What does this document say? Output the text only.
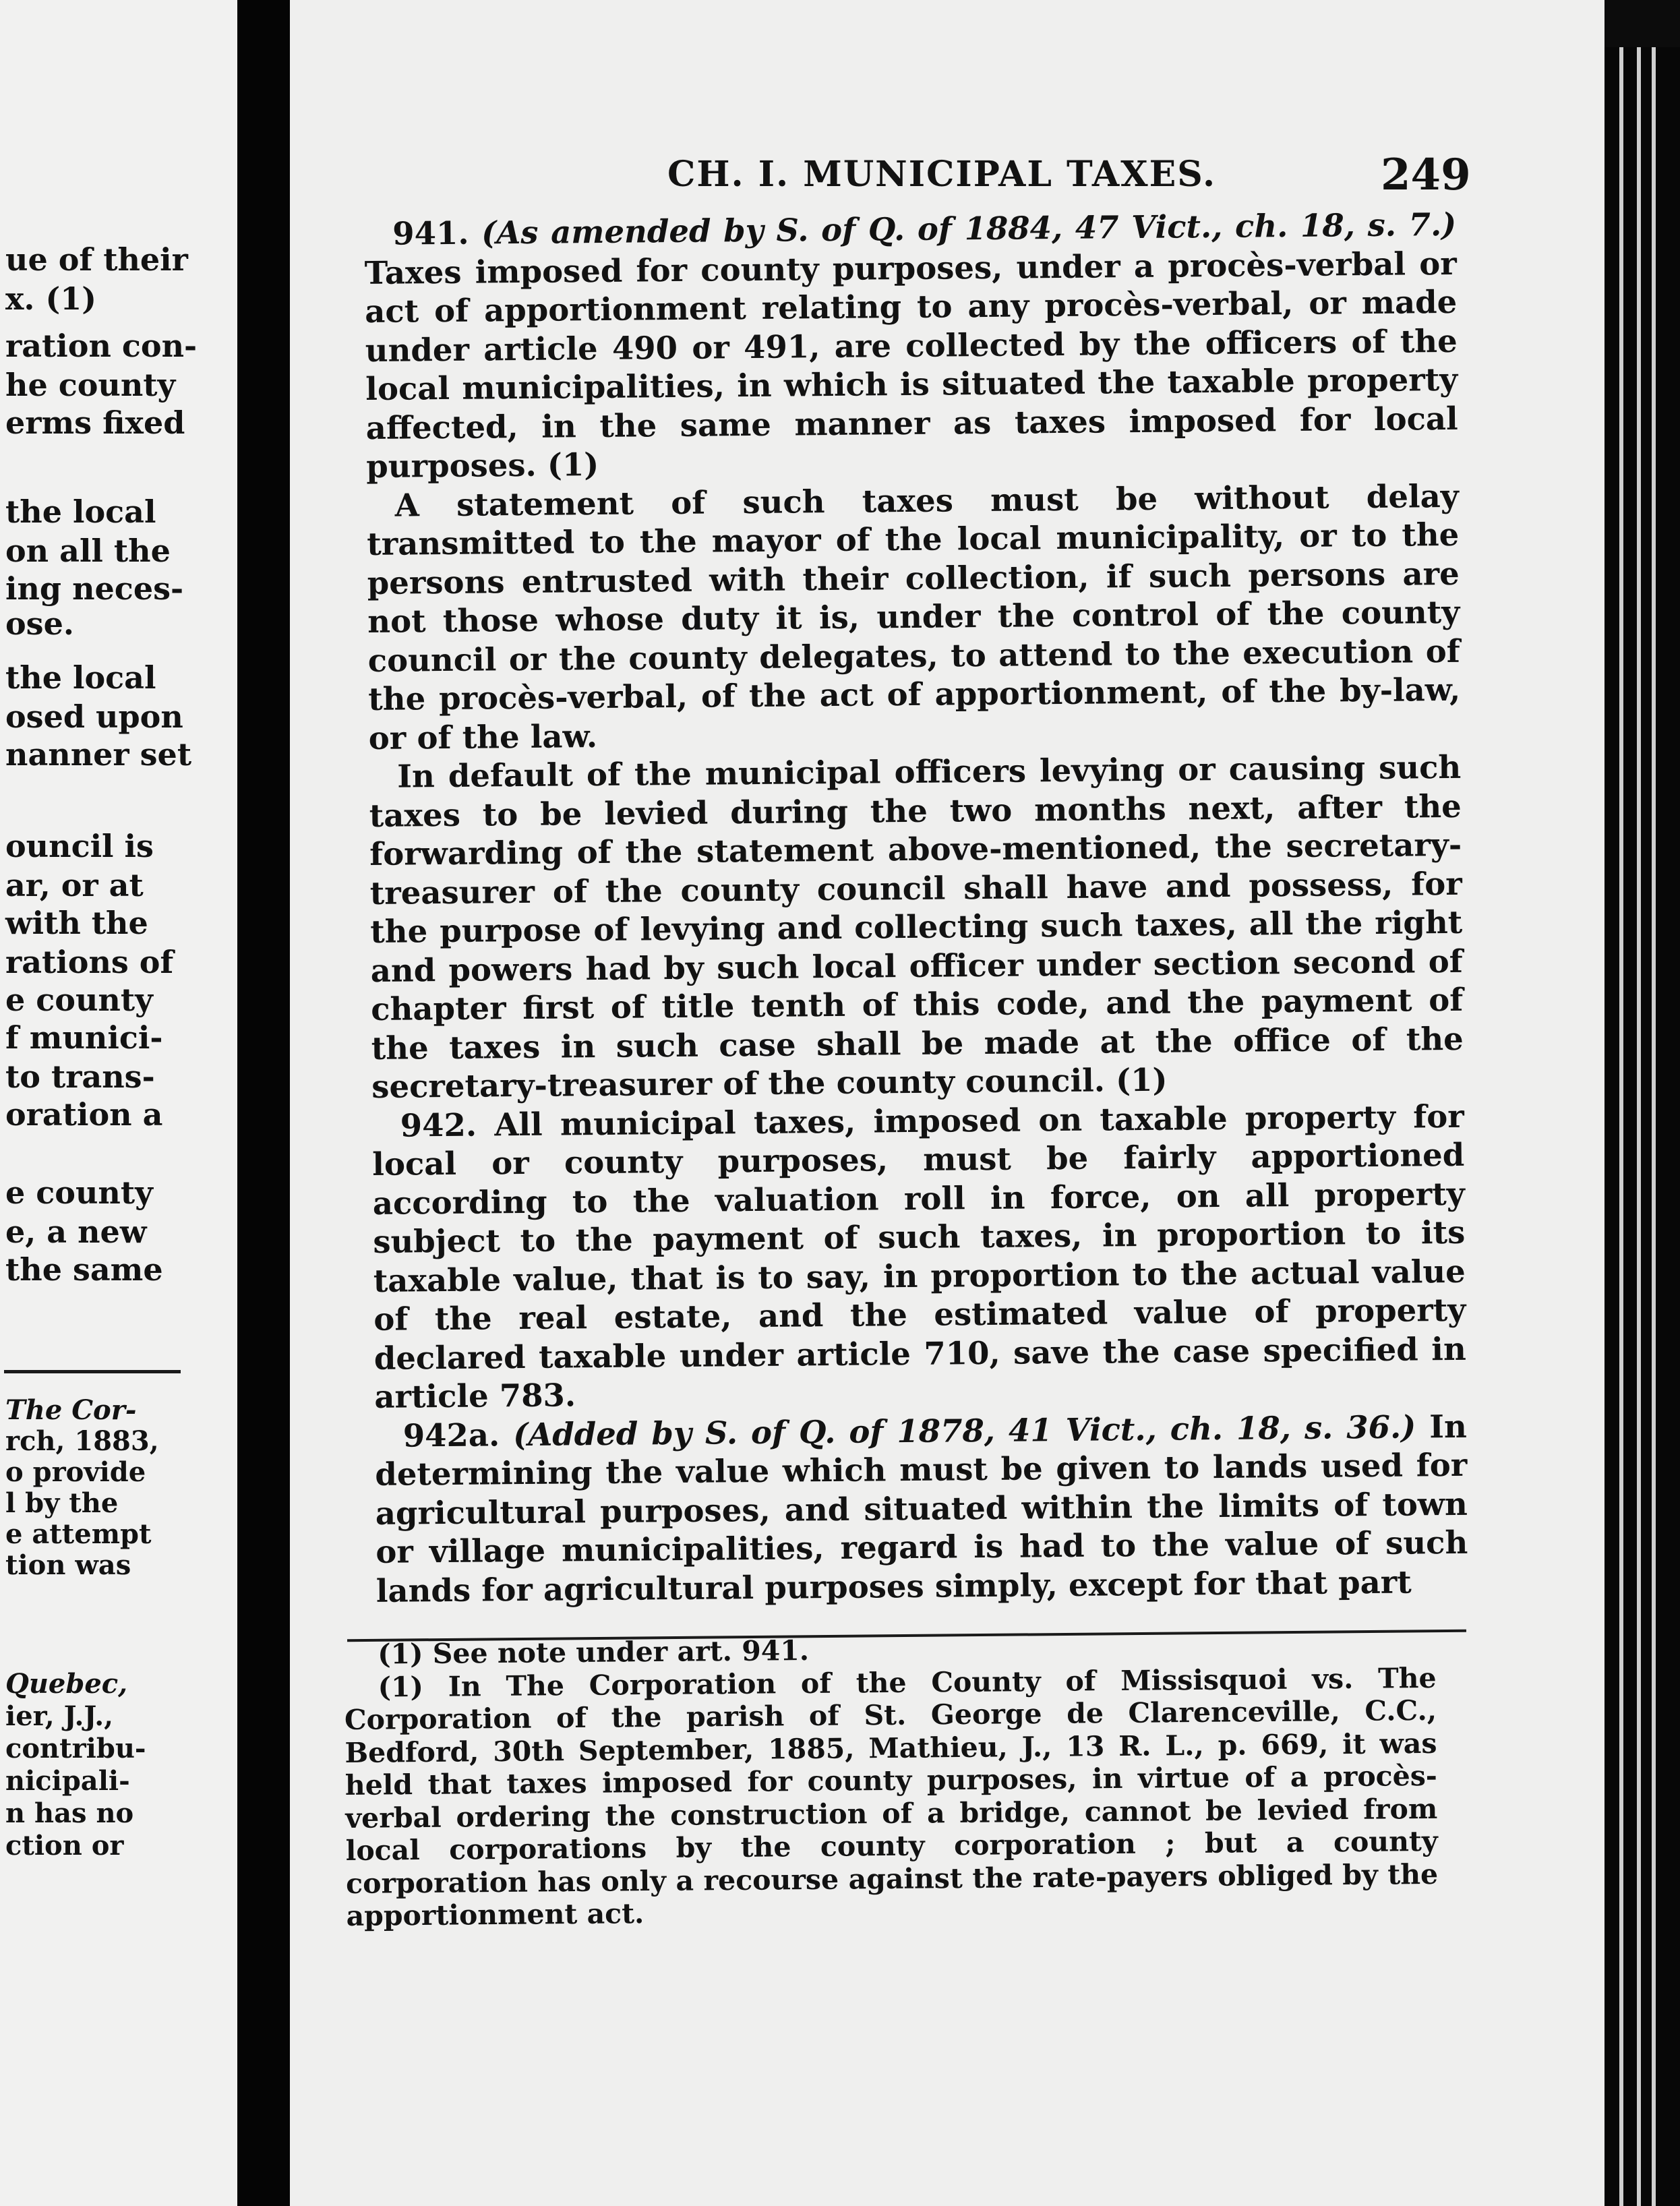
ue of their
x. (1)
ration con-
he county
erms fixed
the local
on all the
ing neces-
ose.
the local
osed upon
nanner set
ouncil is
ar, or at
with the
rations of
e county
f munici-
to trans-
oration a
e county
e, a new
the same
The Cor-
rch, 1883,
o provide
l by the
e attempt
tion was
Quebec,
ier, J.J.,
contribu-
nicipali-
n has no
ction or
CH. I. MUNICIPAL TAXES.	249

941. (As amended by S. of Q. of 1884, 47 Vict., ch. 18, s. 7.) Taxes imposed for county purposes, under a procès-verbal or act of apportionment relating to any procès-verbal, or made under article 490 or 491, are collected by the officers of the local municipalities, in which is situated the taxable property affected, in the same manner as taxes imposed for local purposes. (1)

A statement of such taxes must be without delay transmitted to the mayor of the local municipality, or to the persons entrusted with their collection, if such persons are not those whose duty it is, under the control of the county council or the county delegates, to attend to the execution of the procès-verbal, of the act of apportionment, of the by-law, or of the law.

In default of the municipal officers levying or causing such taxes to be levied during the two months next, after the forwarding of the statement above-mentioned, the secretary-treasurer of the county council shall have and possess, for the purpose of levying and collecting such taxes, all the right and powers had by such local officer under section second of chapter first of title tenth of this code, and the payment of the taxes in such case shall be made at the office of the secretary-treasurer of the county council. (1)

942. All municipal taxes, imposed on taxable property for local or county purposes, must be fairly apportioned according to the valuation roll in force, on all property subject to the payment of such taxes, in proportion to its taxable value, that is to say, in proportion to the actual value of the real estate, and the estimated value of property declared taxable under article 710, save the case specified in article 783.

942a. (Added by S. of Q. of 1878, 41 Vict., ch. 18, s. 36.) In determining the value which must be given to lands used for agricultural purposes, and situated within the limits of town or village municipalities, regard is had to the value of such lands for agricultural purposes simply, except for that part

(1) See note under art. 941.

(1) In The Corporation of the County of Missisquoi vs. The Corporation of the parish of St. George de Clarenceville, C.C., Bedford, 30th September, 1885, Mathieu, J., 13 R. L., p. 669, it was held that taxes imposed for county purposes, in virtue of a procès-verbal ordering the construction of a bridge, cannot be levied from local corporations by the county corporation ; but a county corporation has only a recourse against the rate-payers obliged by the apportionment act.
